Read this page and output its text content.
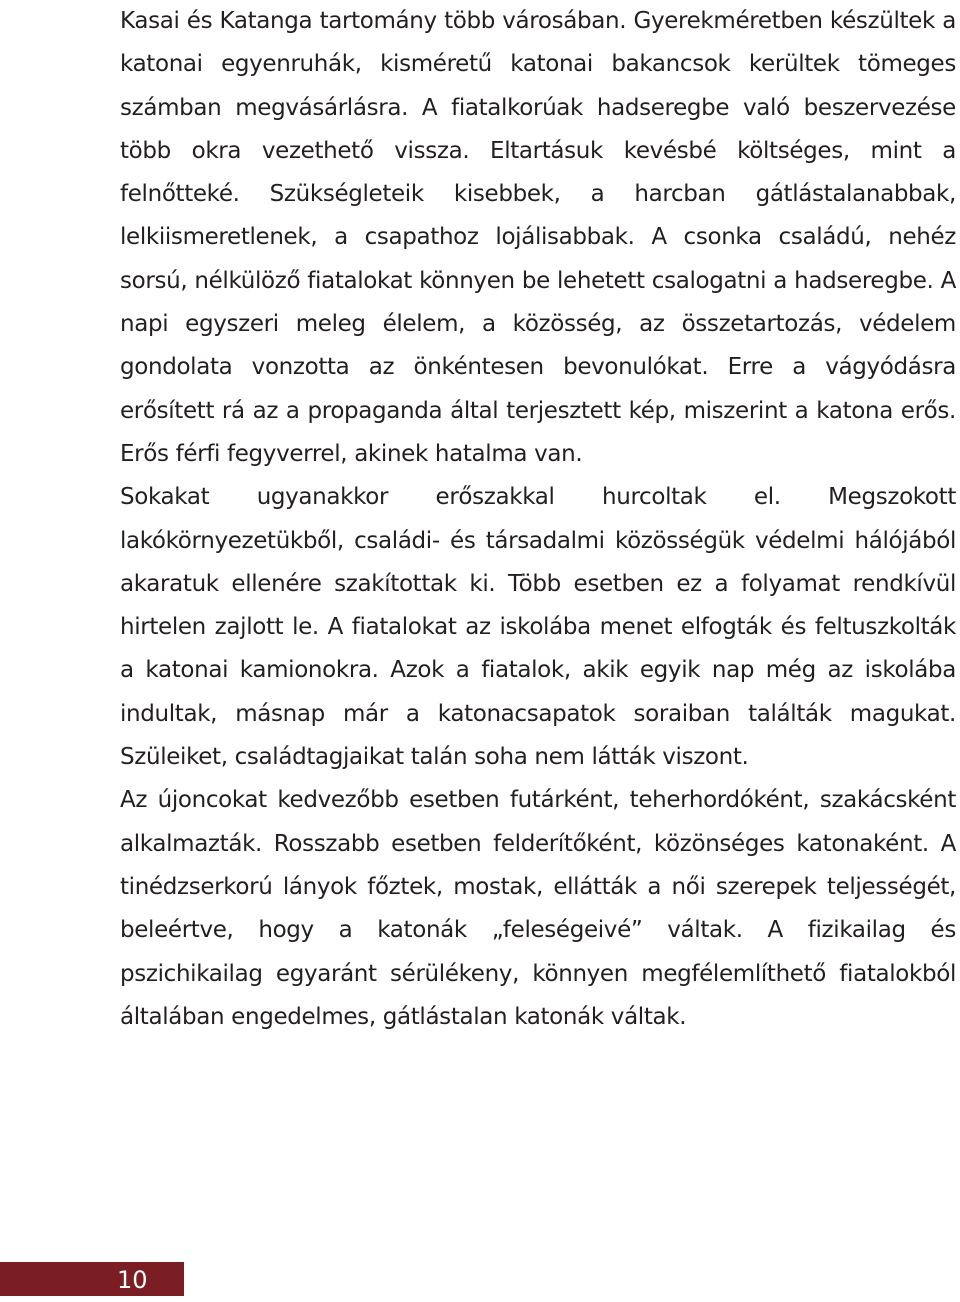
Kasai és Katanga tartomány több városában. Gyerekméretben készültek a katonai egyenruhák, kisméretű katonai bakancsok kerültek tömeges számban megvásárlásra. A fiatalkorúak hadseregbe való beszervezése több okra vezethető vissza. Eltartásuk kevésbé költséges, mint a felnőtteké. Szükségleteik kisebbek, a harcban gátlástalanabbak, lelkiismeretlenek, a csapathoz lojálisabbak. A csonka családú, nehéz sorsú, nélkülöző fiatalokat könnyen be lehetett csalogatni a hadseregbe. A napi egyszeri meleg élelem, a közösség, az összetartozás, védelem gondolata vonzotta az önkéntesen bevonulókat. Erre a vágyódásra erősített rá az a propaganda által terjesztett kép, miszerint a katona erős. Erős férfi fegyverrel, akinek hatalma van.

Sokakat ugyanakkor erőszakkal hurcoltak el. Megszokott lakókörnyezetükből, családi- és társadalmi közösségük védelmi hálójából akaratuk ellenére szakítottak ki. Több esetben ez a folyamat rendkívül hirtelen zajlott le. A fiatalokat az iskolába menet elfogták és feltuszkolták a katonai kamionokra. Azok a fiatalok, akik egyik nap még az iskolába indultak, másnap már a katonacsapatok soraiban találták magukat. Szüleiket, családtagjaikat talán soha nem látták viszont.

Az újoncokat kedvezőbb esetben futárként, teherhordóként, szakácsként alkalmazták. Rosszabb esetben felderítőként, közönséges katonaként. A tinédzserkorú lányok főztek, mostak, ellátták a női szerepek teljességét, beleértve, hogy a katonák „feleségeivé” váltak. A fizikailag és pszichikailag egyaránt sérülékeny, könnyen megfélemlíthető fiatalokból általában engedelmes, gátlástalan katonák váltak.

10
